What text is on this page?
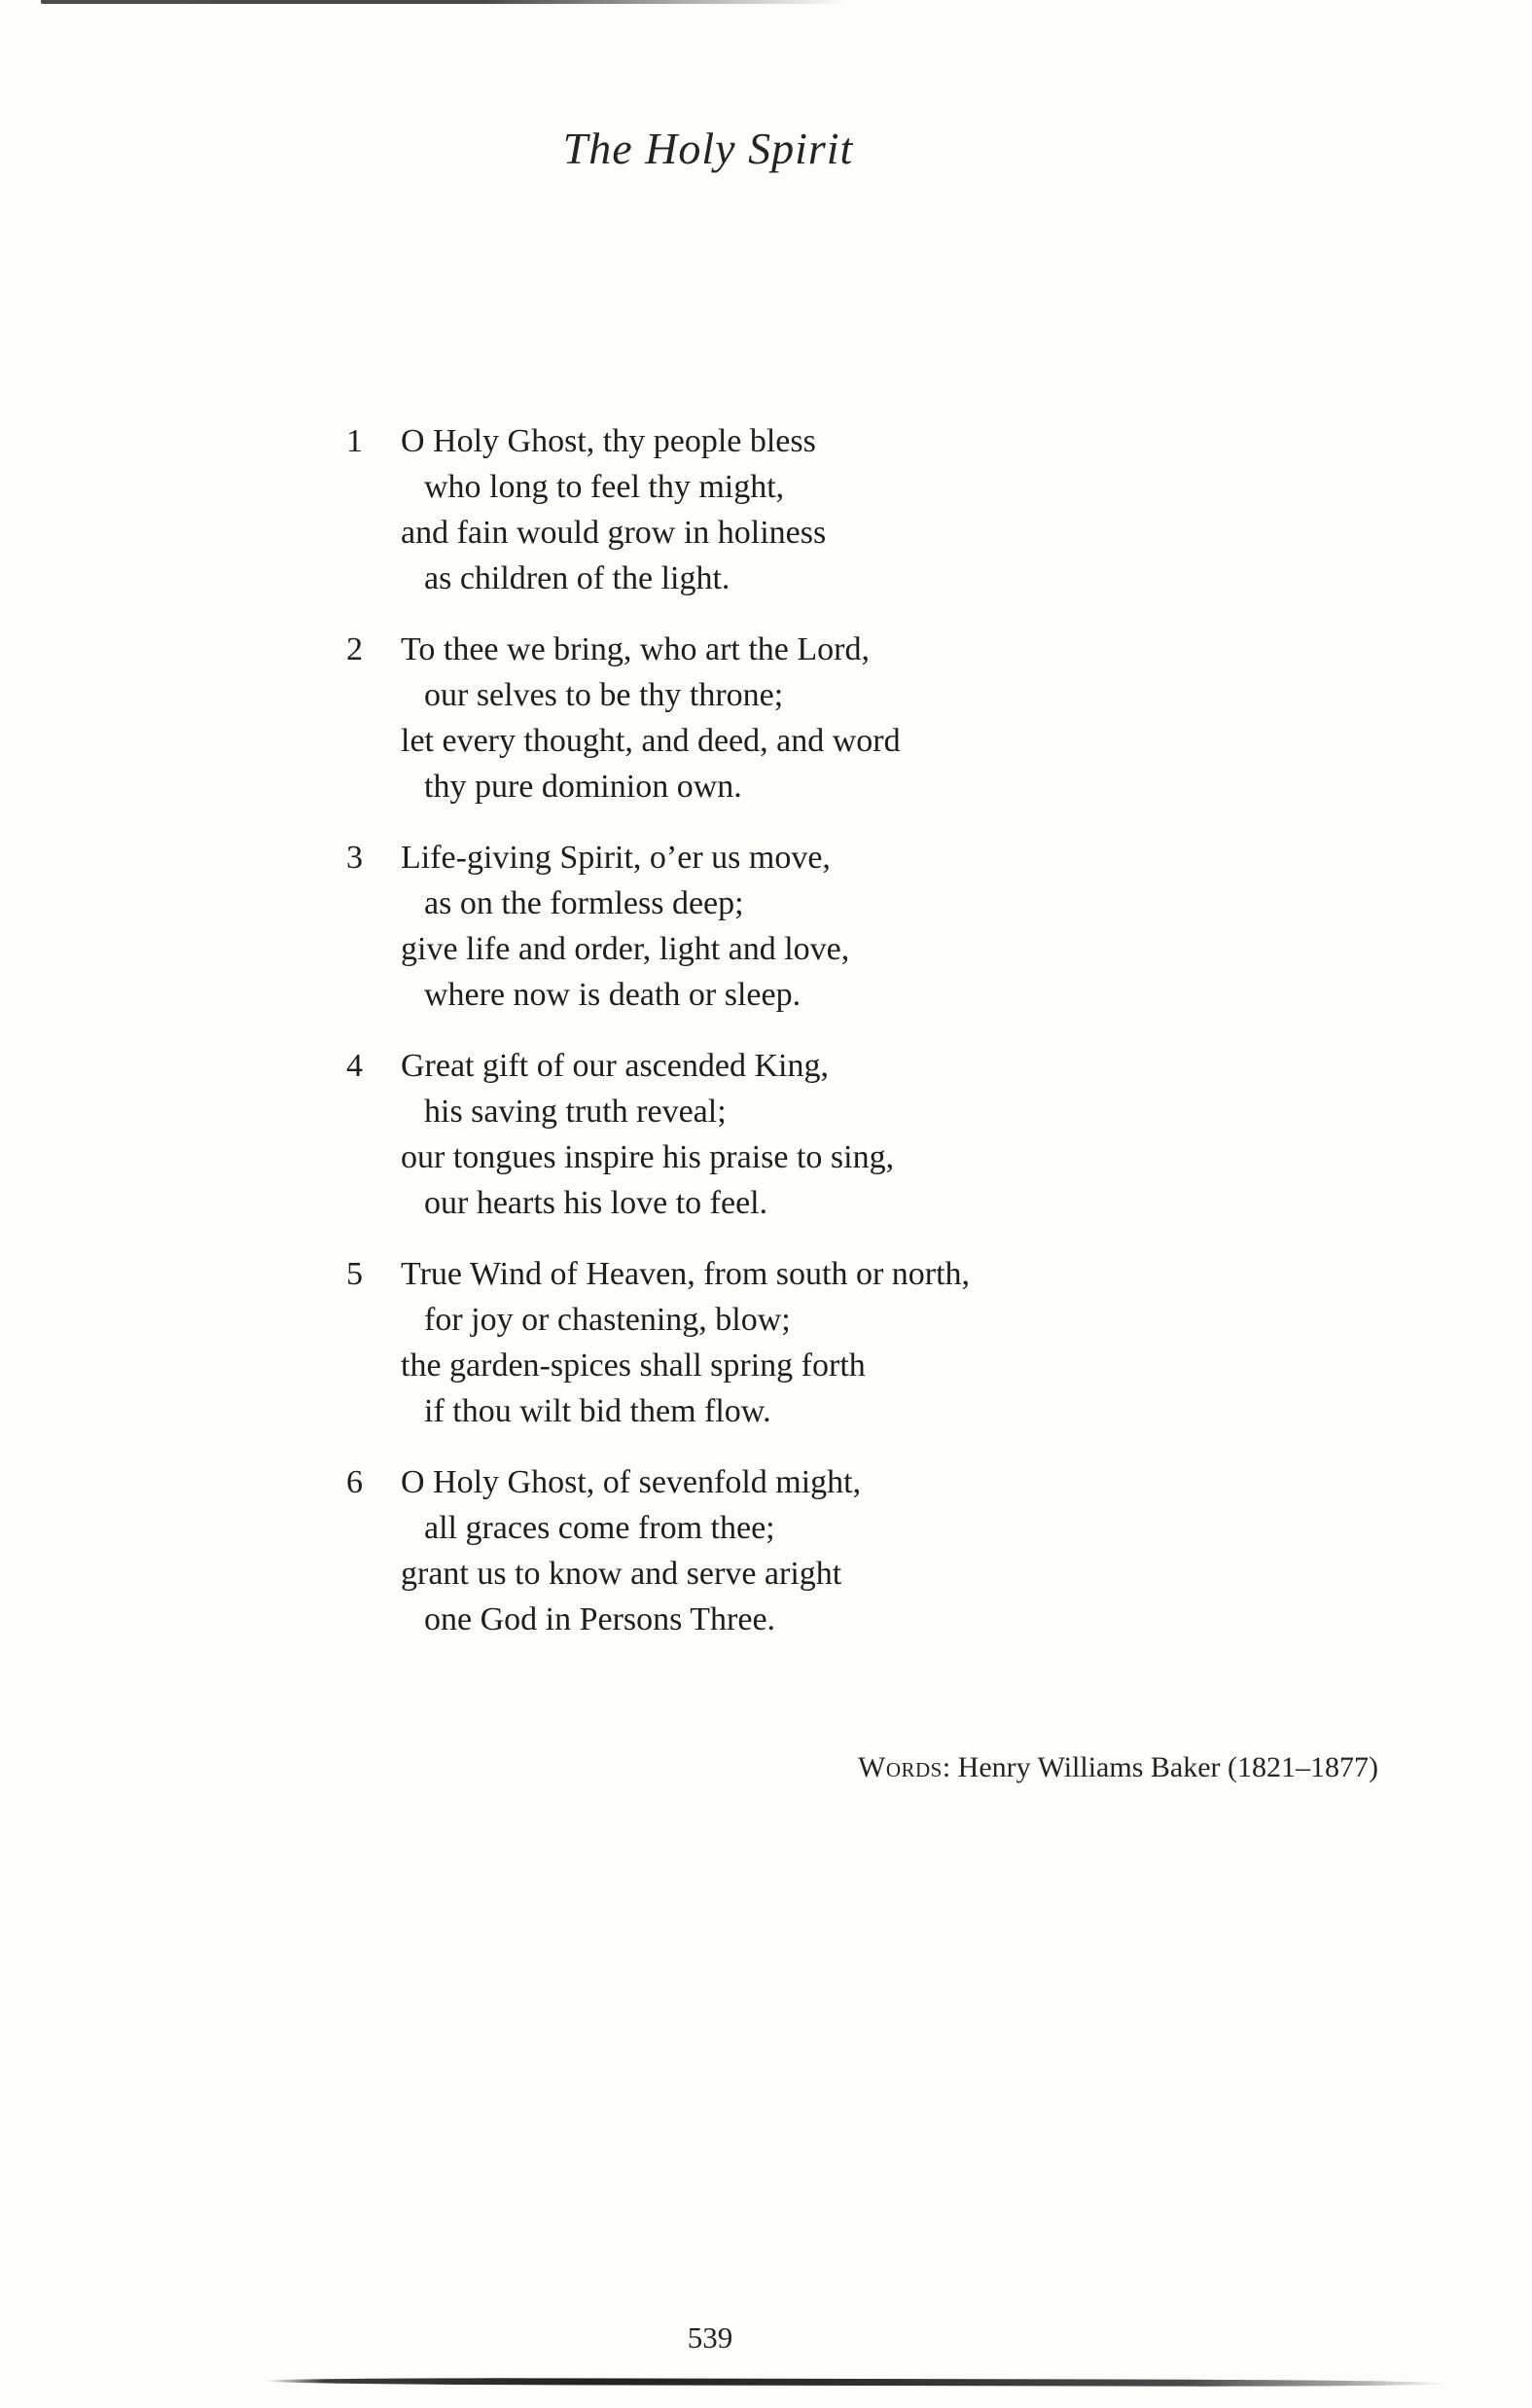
The Holy Spirit
1	O Holy Ghost, thy people bless
who long to feel thy might,
and fain would grow in holiness
as children of the light.
2	To thee we bring, who art the Lord,
our selves to be thy throne;
let every thought, and deed, and word
thy pure dominion own.
3	Life-giving Spirit, o’er us move,
as on the formless deep;
give life and order, light and love,
where now is death or sleep.
4	Great gift of our ascended King,
his saving truth reveal;
our tongues inspire his praise to sing,
our hearts his love to feel.
5	True Wind of Heaven, from south or north,
for joy or chastening, blow;
the garden-spices shall spring forth
if thou wilt bid them flow.
6	O Holy Ghost, of sevenfold might,
all graces come from thee;
grant us to know and serve aright
one God in Persons Three.
Words: Henry Williams Baker (1821–1877)
539
